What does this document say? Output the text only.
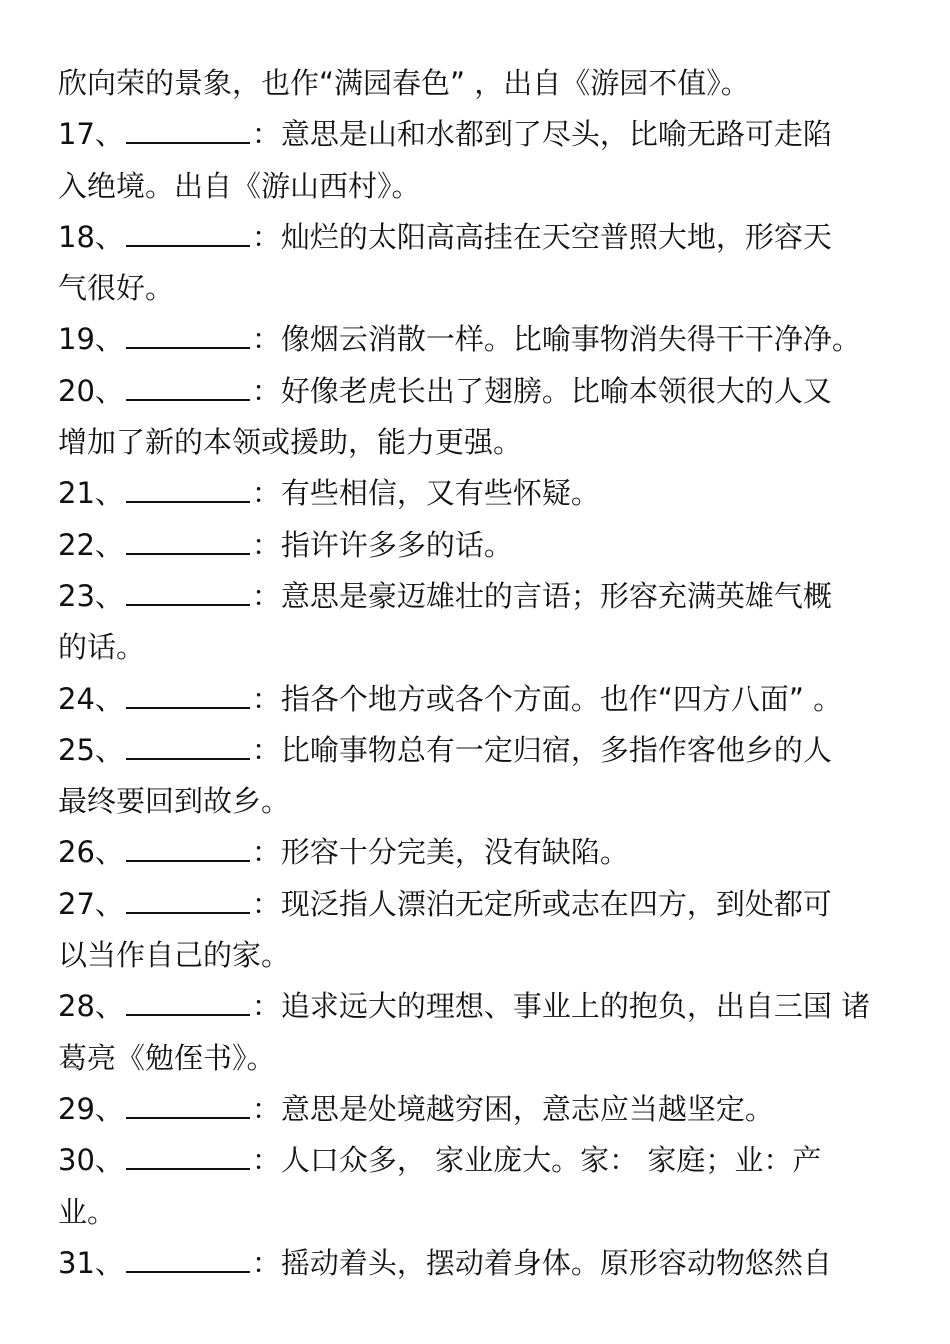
欣向荣的景象，也作“满园春色” ，出自《游园不值》。
17、	：意思是山和水都到了尽头，比喻无路可走陷
入绝境。出自《游山西村》。
18、	：灿烂的太阳高高挂在天空普照大地，形容天
气很好。
19、	：像烟云消散一样。比喻事物消失得干干净净。
20、	：好像老虎长出了翅膀。比喻本领很大的人又
增加了新的本领或援助，能力更强。
21、	：有些相信，又有些怀疑。
22、	：指许许多多的话。
23、	：意思是豪迈雄壮的言语；形容充满英雄气概
的话。
24、	：指各个地方或各个方面。也作“四方八面” 。
25、	：比喻事物总有一定归宿，多指作客他乡的人
最终要回到故乡。
26、	：形容十分完美，没有缺陷。
27、	：现泛指人漂泊无定所或志在四方，到处都可
以当作自己的家。
28、	：追求远大的理想、事业上的抱负，出自三国 诸
葛亮《勉侄书》。
29、	：意思是处境越穷困，意志应当越坚定。
30、	：人口众多， 家业庞大。家： 家庭；业：产
业。
31、	：摇动着头，摆动着身体。原形容动物悠然自
